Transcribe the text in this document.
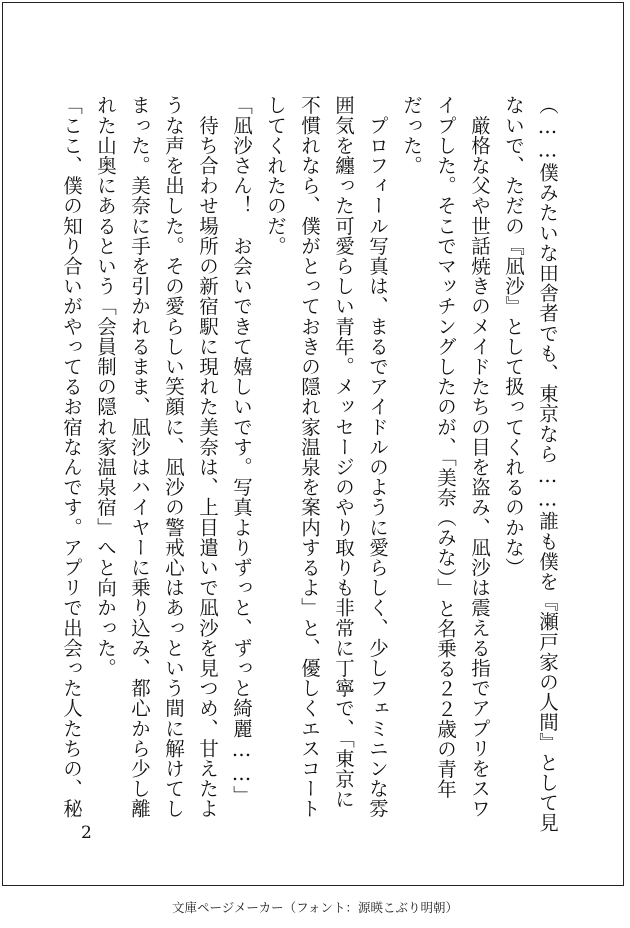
（……僕みたいな田舎者でも、東京なら……誰も僕を『瀬戸家の人間』として見
ないで、ただの『凪沙』として扱ってくれるのかな）
　厳格な父や世話焼きのメイドたちの目を盗み、凪沙は震える指でアプリをスワ
イプした。そこでマッチングしたのが、「美奈（みな）」と名乗る２２歳の青年
だった。
　プロフィール写真は、まるでアイドルのように愛らしく、少しフェミニンな雰
囲気を纏った可愛らしい青年。メッセージのやり取りも非常に丁寧で、「東京に
不慣れなら、僕がとっておきの隠れ家温泉を案内するよ」と、優しくエスコート
してくれたのだ。
「凪沙さん！　お会いできて嬉しいです。写真よりずっと、ずっと綺麗……」
　待ち合わせ場所の新宿駅に現れた美奈は、上目遣いで凪沙を見つめ、甘えたよ
うな声を出した。その愛らしい笑顔に、凪沙の警戒心はあっという間に解けてし
まった。美奈に手を引かれるまま、凪沙はハイヤーに乗り込み、都心から少し離
れた山奥にあるという「会員制の隠れ家温泉宿」へと向かった。
「ここ、僕の知り合いがやってるお宿なんです。アプリで出会った人たちの、秘
2
文庫ページメーカー（フォント：源暎こぶり明朝）
